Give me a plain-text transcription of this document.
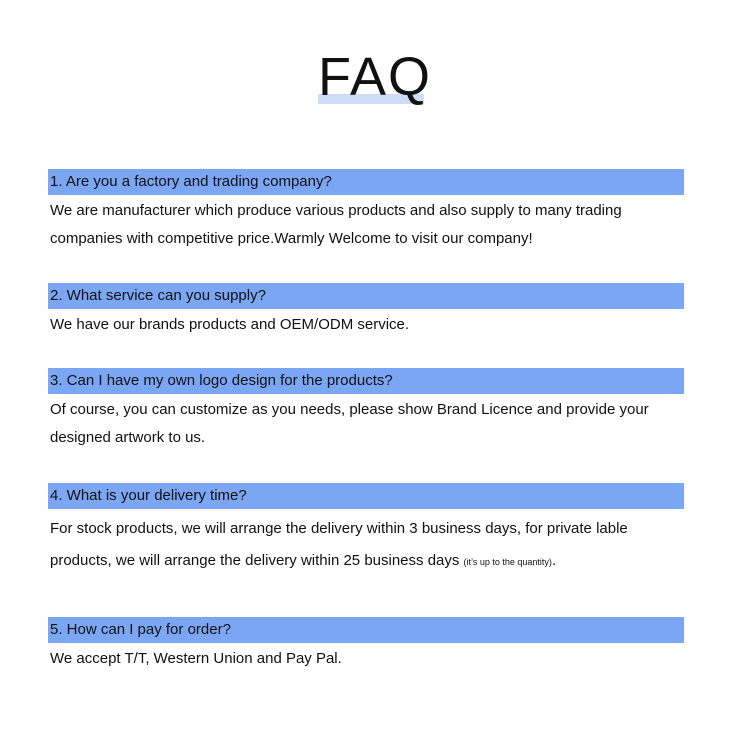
FAQ
1. Are you a factory and trading company?
We are manufacturer which produce various products and also supply to many trading companies with competitive price.Warmly Welcome to visit our company!
2. What service can you supply?
We have our brands products and OEM/ODM service.
3. Can I have my own logo design for the products?
Of course, you can customize as you needs, please show Brand Licence and provide your designed artwork to us.
4. What is your delivery time?
For stock products, we will arrange the delivery within 3 business days, for private lable products, we will arrange the delivery within 25 business days (it’s up to the quantity).
5. How can I pay for order?
We accept T/T, Western Union and Pay Pal.
